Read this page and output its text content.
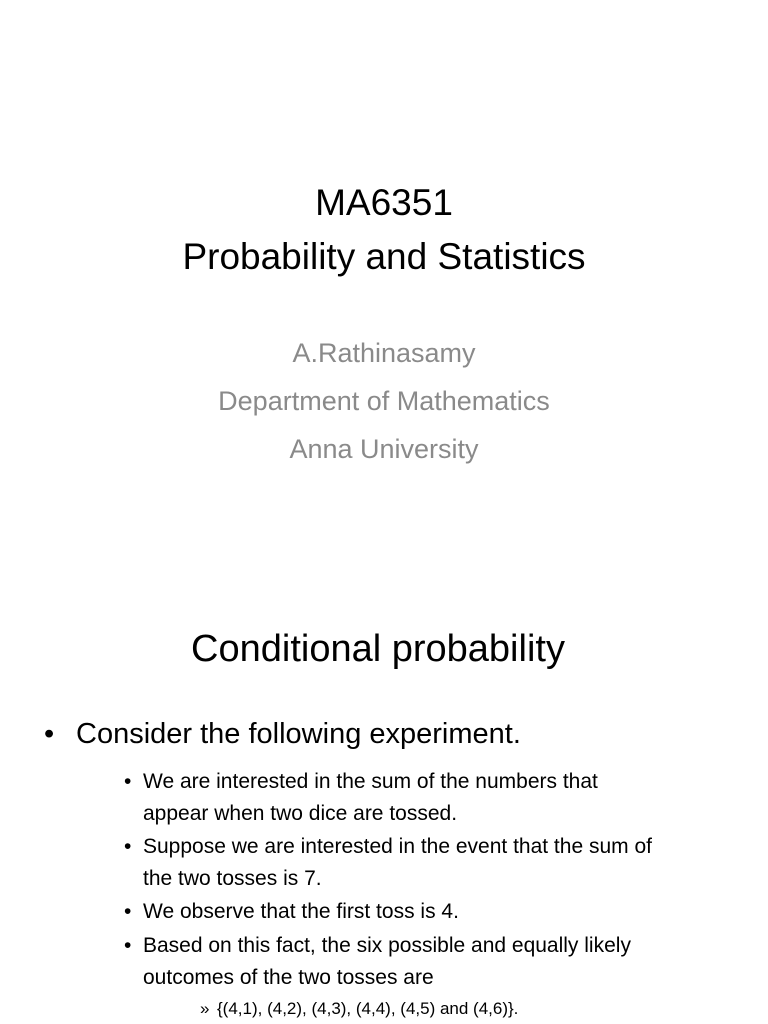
MA6351
Probability and Statistics
A.Rathinasamy
Department of Mathematics
Anna University
Conditional probability
• Consider the following experiment.
• We are interested in the sum of the numbers that
appear when two dice are tossed.
• Suppose we are interested in the event that the sum of
the two tosses is 7.
• We observe that the first toss is 4.
• Based on this fact, the six possible and equally likely
outcomes of the two tosses are
» {(4,1), (4,2), (4,3), (4,4), (4,5) and (4,6)}.
